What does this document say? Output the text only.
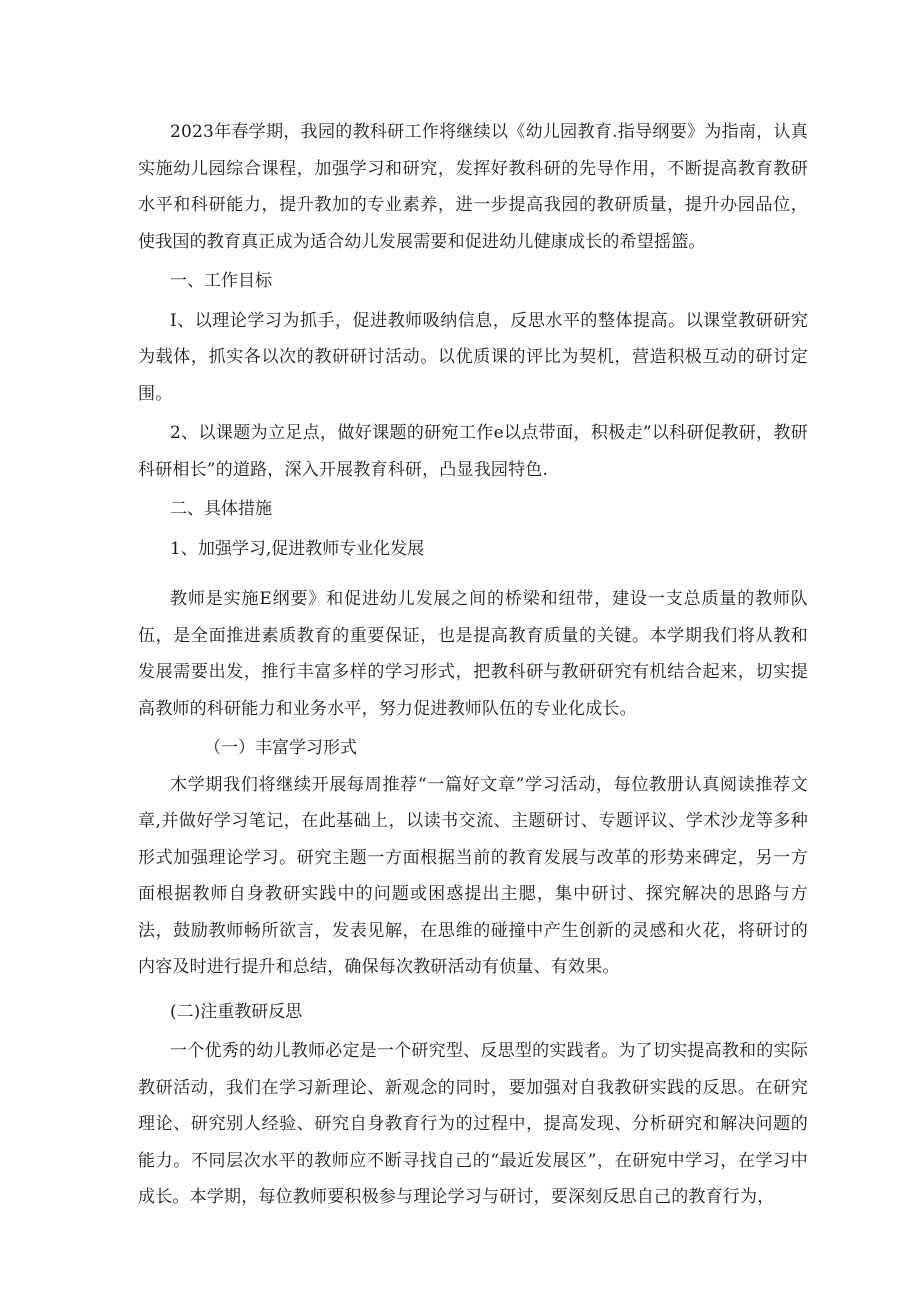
2023年春学期，我园的教科研工作将继续以《幼儿园教育.指导纲要》为指南，认真实施幼儿园综合课程，加强学习和研究，发挥好教科研的先导作用，不断提高教育教研水平和科研能力，提升教加的专业素养，进一步提高我园的教研质量，提升办园品位，使我国的教育真正成为适合幼儿发展需要和促进幼儿健康成长的希望摇篮。

一、工作目标

I、以理论学习为抓手，促进教师吸纳信息，反思水平的整体提高。以课堂教研研究为载体，抓实各以次的教研研讨活动。以优质课的评比为契机，营造积极互动的研讨定围。

2、以课题为立足点，做好课题的研宛工作e以点带面，积极走”以科研促教研，教研科研相长”的道路，深入开展教育科研，凸显我园特色.

二、具体措施

1、加强学习,促进教师专业化发展

教师是实施E纲要》和促进幼儿发展之间的桥梁和纽带，建设一支总质量的教师队伍，是全面推进素质教育的重要保证，也是提高教育质量的关键。本学期我们将从教和发展需要出发，推行丰富多样的学习形式，把教科研与教研研究有机结合起来，切实提高教师的科研能力和业务水平，努力促进教师队伍的专业化成长。

（一）丰富学习形式

木学期我们将继续开展每周推荐“一篇好文章”学习活动，每位教册认真阅读推荐文章,并做好学习笔记，在此基础上，以读书交流、主题研讨、专题评议、学术沙龙等多种形式加强理论学习。研究主题一方面根据当前的教育发展与改革的形势来碑定，另一方面根据教师自身教研实践中的问题或困惑提出主腮，集中研讨、探究解决的思路与方法，鼓励教师畅所欲言，发表见解，在思维的碰撞中产生创新的灵感和火花，将研讨的内容及时进行提升和总结，确保每次教研活动有侦量、有效果。

(二)注重教研反思

一个优秀的幼儿教师必定是一个研究型、反思型的实践者。为了切实提高教和的实际教研活动，我们在学习新理论、新观念的同时，要加强对自我教研实践的反思。在研究理论、研究别人经验、研究自身教育行为的过程中，提高发现、分析研究和解决问题的能力。不同层次水平的教师应不断寻找自己的“最近发展区”，在研宛中学习，在学习中成长。本学期，每位教师要积极参与理论学习与研讨，要深刻反思自己的教育行为，
